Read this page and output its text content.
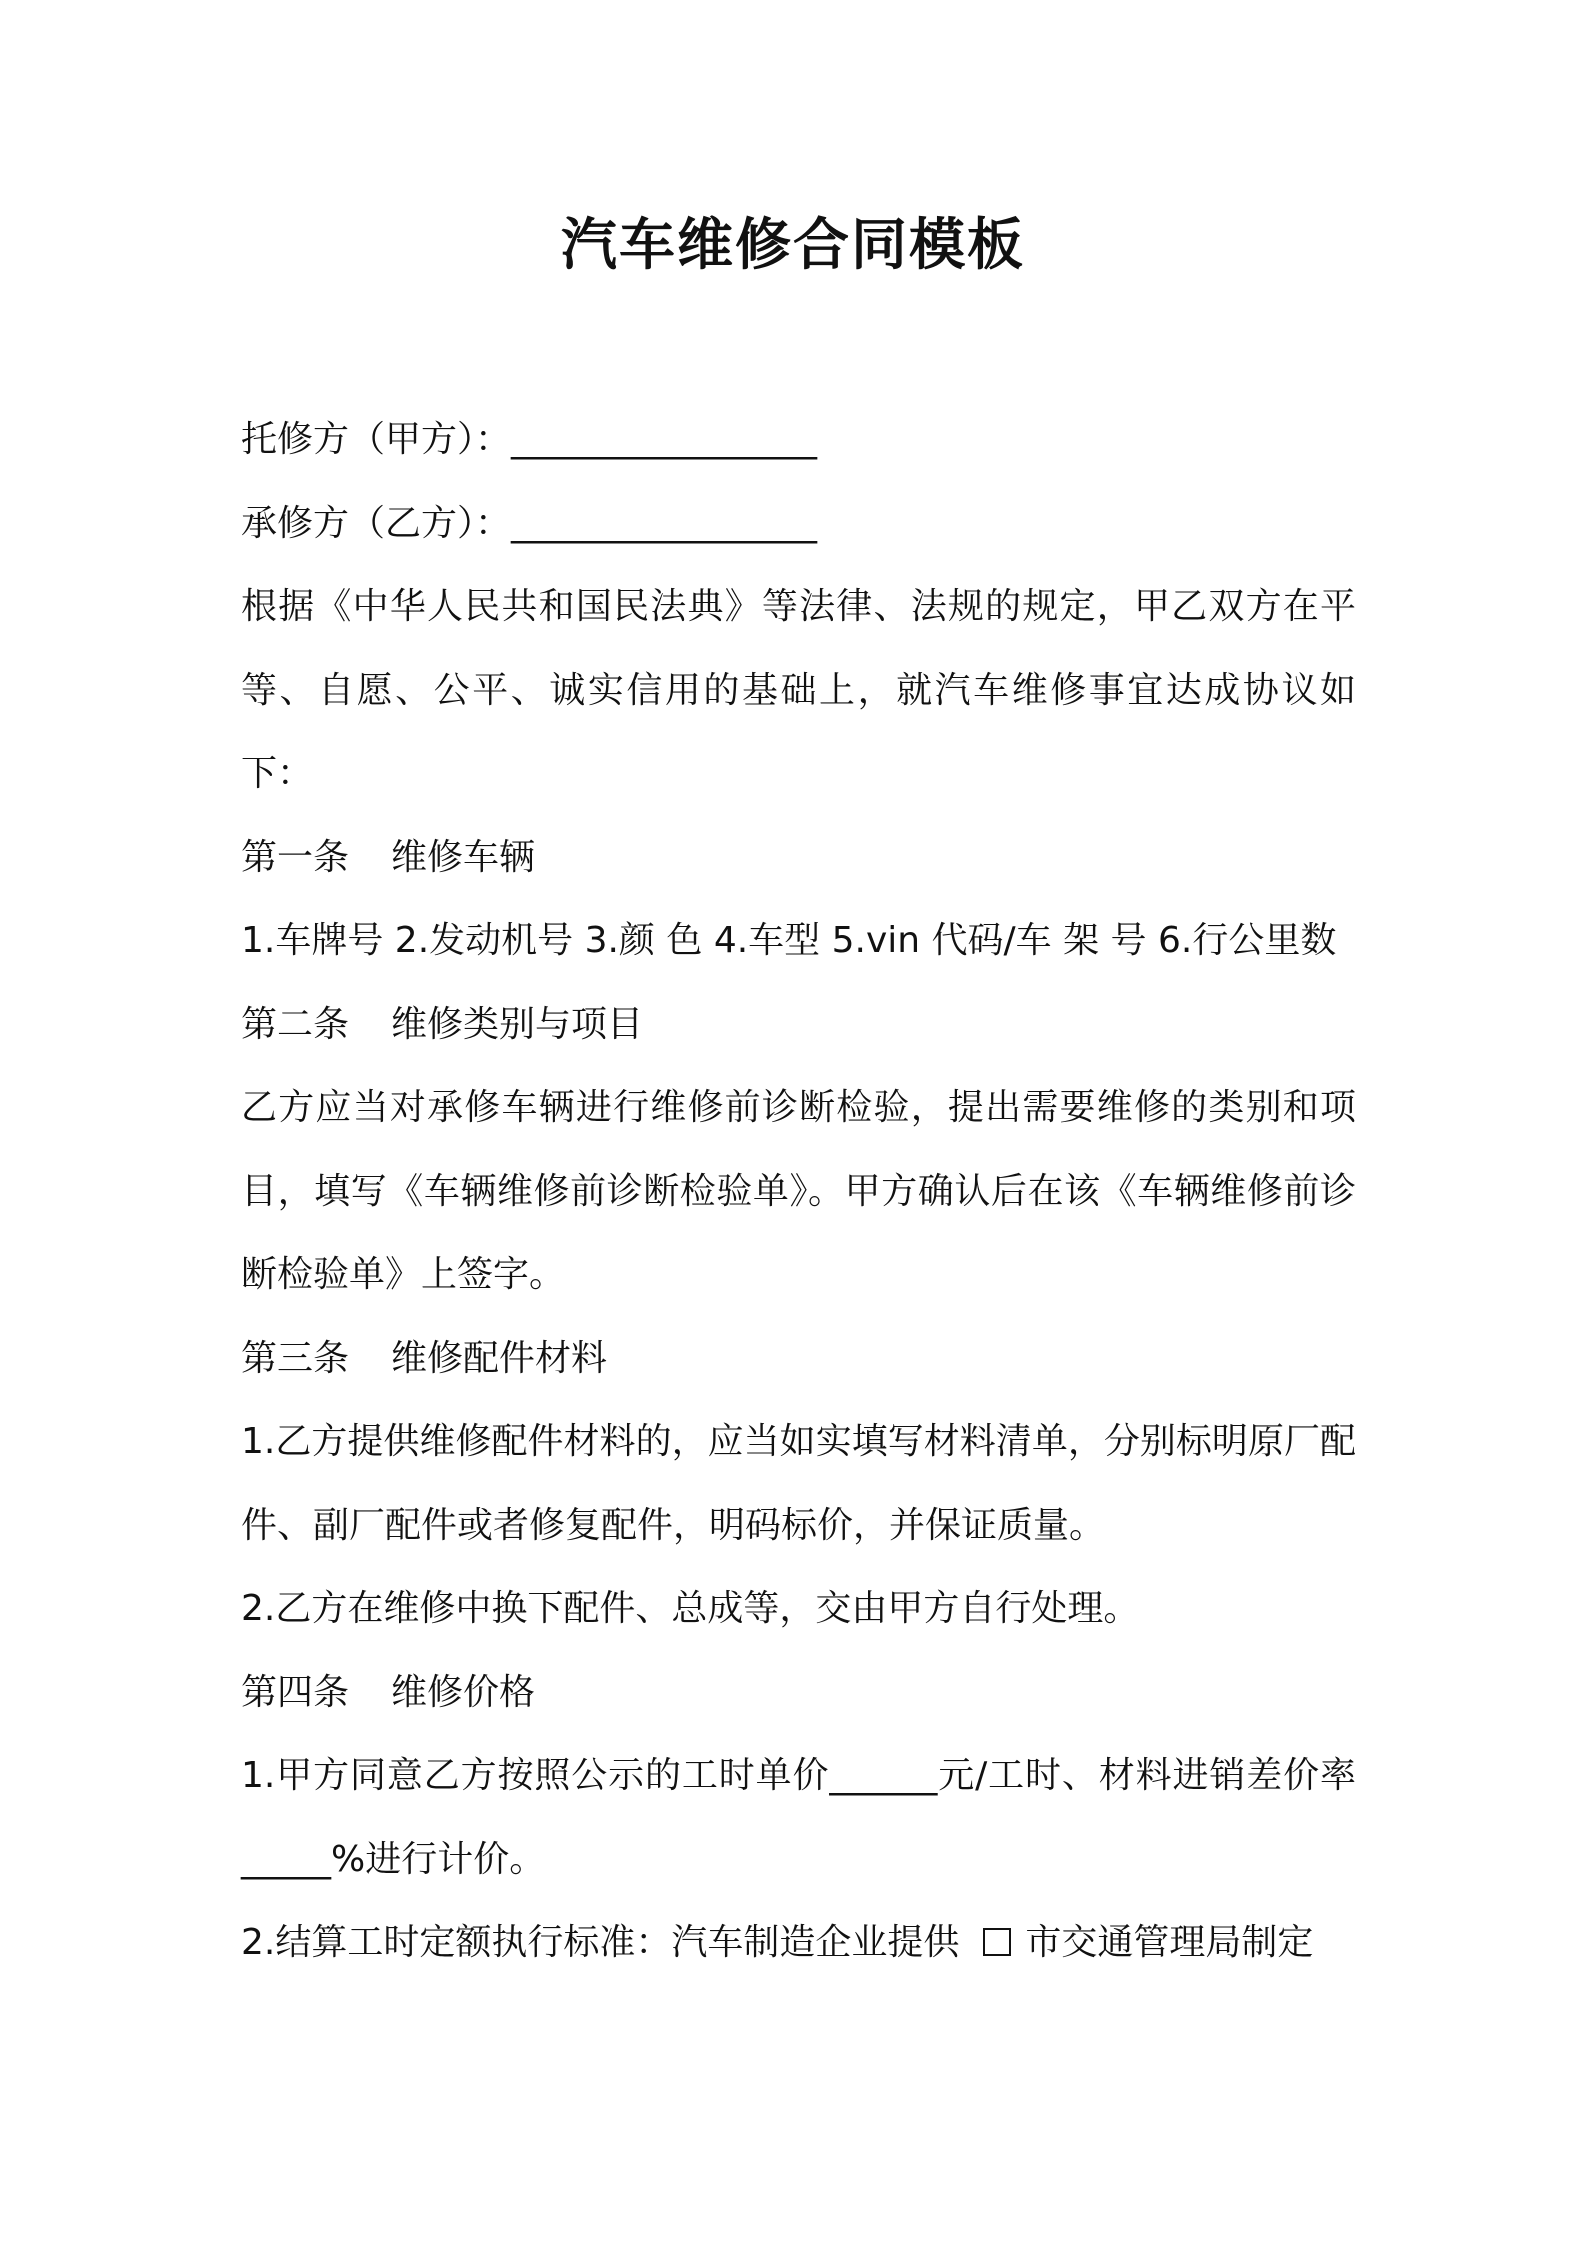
汽车维修合同模板

托修方（甲方）：_________________

承修方（乙方）：_________________

根据《中华人民共和国民法典》等法律、法规的规定，甲乙双方在平等、自愿、公平、诚实信用的基础上，就汽车维修事宜达成协议如下：

第一条 维修车辆

1.车牌号 2.发动机号 3.颜 色 4.车型 5.vin 代码/车 架 号 6.行公里数

第二条 维修类别与项目

乙方应当对承修车辆进行维修前诊断检验，提出需要维修的类别和项目，填写《车辆维修前诊断检验单》。甲方确认后在该《车辆维修前诊断检验单》上签字。

第三条 维修配件材料

1.乙方提供维修配件材料的，应当如实填写材料清单，分别标明原厂配件、副厂配件或者修复配件，明码标价，并保证质量。

2.乙方在维修中换下配件、总成等，交由甲方自行处理。

第四条 维修价格

1.甲方同意乙方按照公示的工时单价______元/工时、材料进销差价率_____%进行计价。

2.结算工时定额执行标准：汽车制造企业提供 市交通管理局制定
